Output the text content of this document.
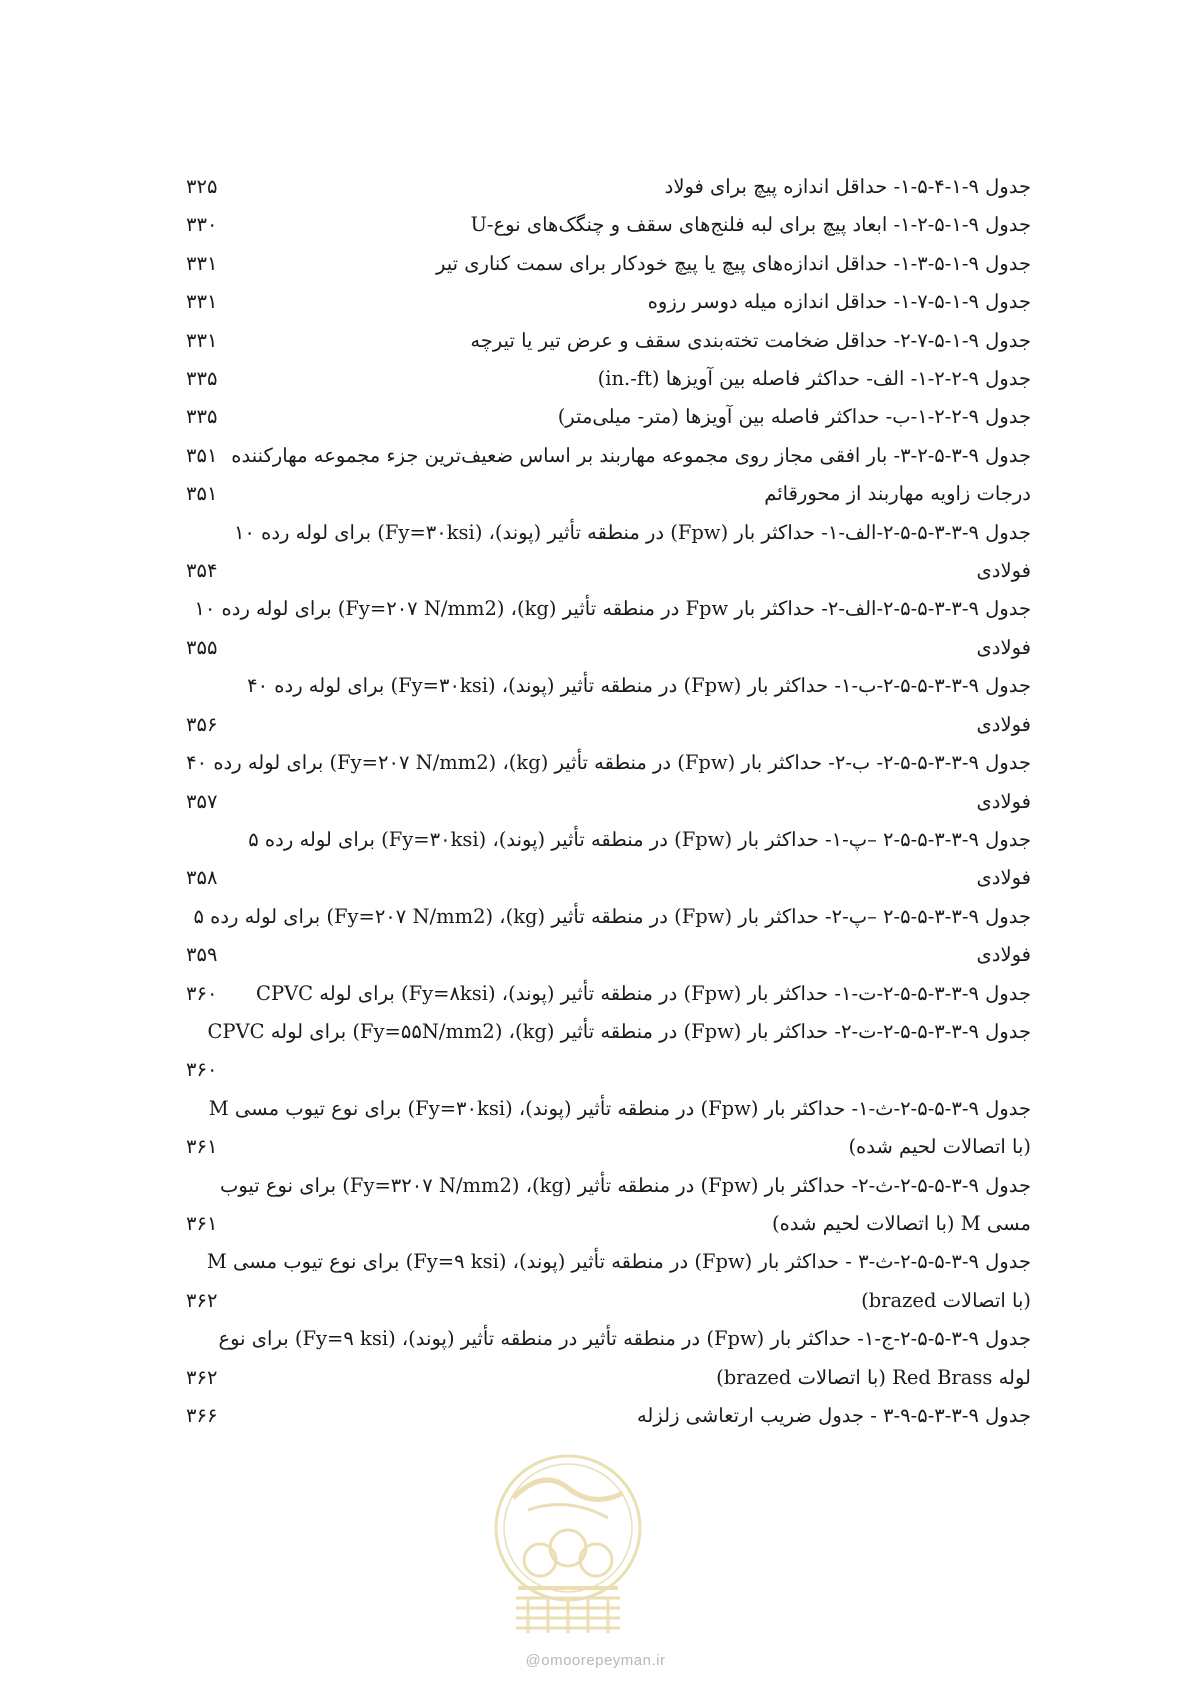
جدول ۹-۱-۴-۵-۱- حداقل اندازه پیچ برای فولاد
۳۲۵
جدول ۹-۱-۵-۲-۱- ابعاد پیچ برای لبه فلنج‌های سقف و چنگک‌های نوع-U
۳۳۰
جدول ۹-۱-۵-۳-۱- حداقل اندازه‌های پیچ یا پیچ خودکار برای سمت کناری تیر
۳۳۱
جدول ۹-۱-۵-۷-۱- حداقل اندازه میله دوسر رزوه
۳۳۱
جدول ۹-۱-۵-۷-۲- حداقل ضخامت تخته‌بندی سقف و عرض تیر یا تیرچه
۳۳۱
جدول ۹-۲-۲-۱- الف- حداکثر فاصله بین آویزها (in.-ft)
۳۳۵
جدول ۹-۲-۲-۱-ب- حداکثر فاصله بین آویزها (متر- میلی‌متر)
۳۳۵
جدول ۹-۳-۵-۲-۳- بار افقی مجاز روی مجموعه مهاربند بر اساس ضعیف‌ترین جزء مجموعه مهارکننده
۳۵۱
درجات زاویه مهاربند از محورقائم
۳۵۱
جدول ۹-۳-۳-۵-۵-۲-الف-۱- حداکثر بار (Fpw) در منطقه تأثیر (پوند)، (Fy=۳۰ksi) برای لوله رده ۱۰
فولادی
۳۵۴
جدول ۹-۳-۳-۵-۵-۲-الف-۲- حداکثر بار Fpw در منطقه تأثیر (kg)، (Fy=۲۰۷ N/mm2) برای لوله رده ۱۰
فولادی
۳۵۵
جدول ۹-۳-۳-۵-۵-۲-ب-۱- حداکثر بار (Fpw) در منطقه تأثیر (پوند)، (Fy=۳۰ksi) برای لوله رده ۴۰
فولادی
۳۵۶
جدول ۹-۳-۳-۵-۵-۲- ب-۲- حداکثر بار (Fpw) در منطقه تأثیر (kg)، (Fy=۲۰۷ N/mm2) برای لوله رده ۴۰
فولادی
۳۵۷
جدول ۹-۳-۳-۵-۵-۲ –پ-۱- حداکثر بار (Fpw) در منطقه تأثیر (پوند)، (Fy=۳۰ksi) برای لوله رده ۵
فولادی
۳۵۸
جدول ۹-۳-۳-۵-۵-۲ –پ-۲- حداکثر بار (Fpw) در منطقه تأثیر (kg)، (Fy=۲۰۷ N/mm2) برای لوله رده ۵
فولادی
۳۵۹
جدول ۹-۳-۳-۵-۵-۲-ت-۱- حداکثر بار (Fpw) در منطقه تأثیر (پوند)، (Fy=۸ksi) برای لوله CPVC
۳۶۰
جدول ۹-۳-۳-۵-۵-۲-ت-۲- حداکثر بار (Fpw) در منطقه تأثیر (kg)، (Fy=۵۵N/mm2) برای لوله CPVC
۳۶۰
جدول ۹-۳-۵-۵-۲-ث-۱- حداکثر بار (Fpw) در منطقه تأثیر (پوند)، (Fy=۳۰ksi) برای نوع تیوب مسی M
(با اتصالات لحیم شده)
۳۶۱
جدول ۹-۳-۵-۵-۲-ث-۲- حداکثر بار (Fpw) در منطقه تأثیر (kg)، (Fy=۳۲۰۷ N/mm2) برای نوع تیوب
مسی M (با اتصالات لحیم شده)
۳۶۱
جدول ۹-۳-۵-۵-۲-ث-۳ - حداکثر بار (Fpw) در منطقه تأثیر (پوند)، (Fy=۹ ksi) برای نوع تیوب مسی M
(با اتصالات brazed)
۳۶۲
جدول ۹-۳-۵-۵-۲-ج-۱- حداکثر بار (Fpw) در منطقه تأثیر در منطقه تأثیر (پوند)، (Fy=۹ ksi) برای نوع
لوله Red Brass (با اتصالات brazed)
۳۶۲
جدول ۹-۳-۳-۵-۹-۳ - جدول ضریب ارتعاشی زلزله
۳۶۶
@omoorepeyman.ir
